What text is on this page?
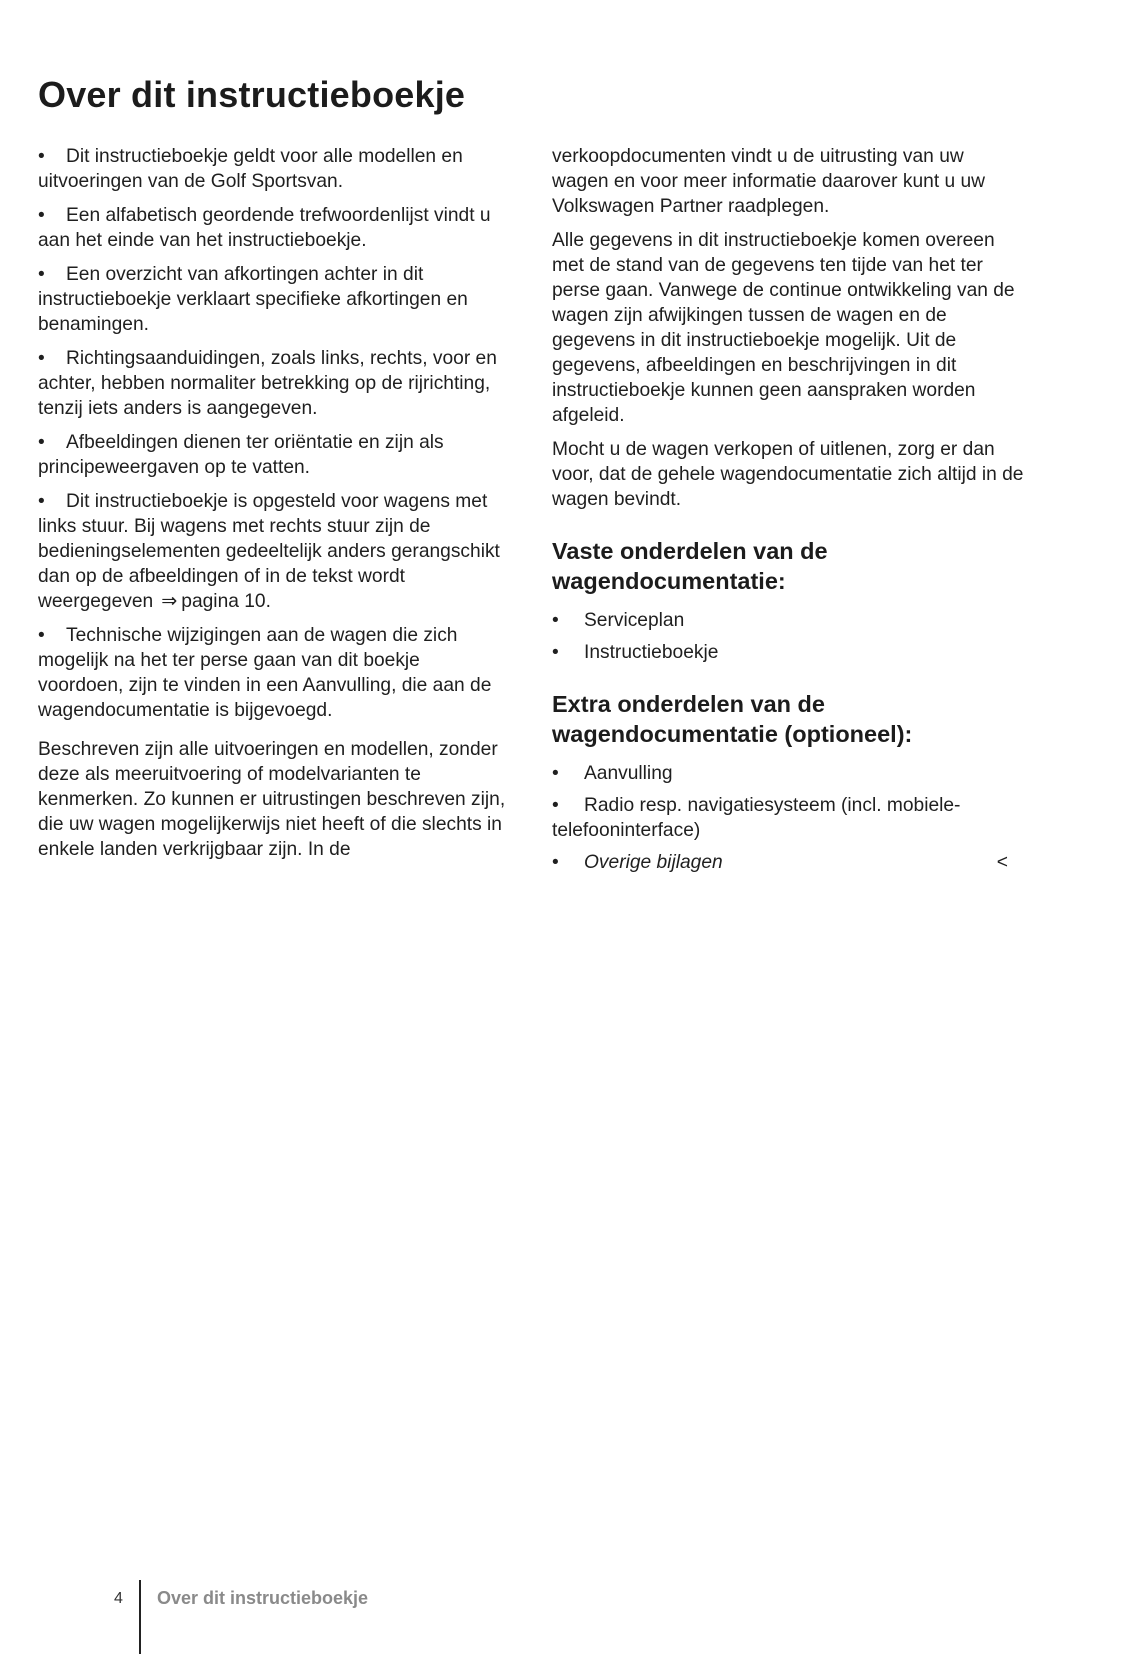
Over dit instructieboekje
• Dit instructieboekje geldt voor alle modellen en uitvoeringen van de Golf Sportsvan.
• Een alfabetisch geordende trefwoordenlijst vindt u aan het einde van het instructieboekje.
• Een overzicht van afkortingen achter in dit instructieboekje verklaart specifieke afkortingen en benamingen.
• Richtingsaanduidingen, zoals links, rechts, voor en achter, hebben normaliter betrekking op de rijrichting, tenzij iets anders is aangegeven.
• Afbeeldingen dienen ter oriëntatie en zijn als principeweergaven op te vatten.
• Dit instructieboekje is opgesteld voor wagens met links stuur. Bij wagens met rechts stuur zijn de bedieningselementen gedeeltelijk anders gerangschikt dan op de afbeeldingen of in de tekst wordt weergegeven ⇒ pagina 10.
• Technische wijzigingen aan de wagen die zich mogelijk na het ter perse gaan van dit boekje voordoen, zijn te vinden in een Aanvulling, die aan de wagendocumentatie is bijgevoegd.

Beschreven zijn alle uitvoeringen en modellen, zonder deze als meeruitvoering of modelvarianten te kenmerken. Zo kunnen er uitrustingen beschreven zijn, die uw wagen mogelijkerwijs niet heeft of die slechts in enkele landen verkrijgbaar zijn. In de

verkoopdocumenten vindt u de uitrusting van uw wagen en voor meer informatie daarover kunt u uw Volkswagen Partner raadplegen.

Alle gegevens in dit instructieboekje komen overeen met de stand van de gegevens ten tijde van het ter perse gaan. Vanwege de continue ontwikkeling van de wagen zijn afwijkingen tussen de wagen en de gegevens in dit instructieboekje mogelijk. Uit de gegevens, afbeeldingen en beschrijvingen in dit instructieboekje kunnen geen aanspraken worden afgeleid.

Mocht u de wagen verkopen of uitlenen, zorg er dan voor, dat de gehele wagendocumentatie zich altijd in de wagen bevindt.

Vaste onderdelen van de wagendocumentatie:
• Serviceplan
• Instructieboekje
Extra onderdelen van de wagendocumentatie (optioneel):
• Aanvulling
• Radio resp. navigatiesysteem (incl. mobiele-telefooninterface)
• Overige bijlagen	<
4 Over dit instructieboekje
